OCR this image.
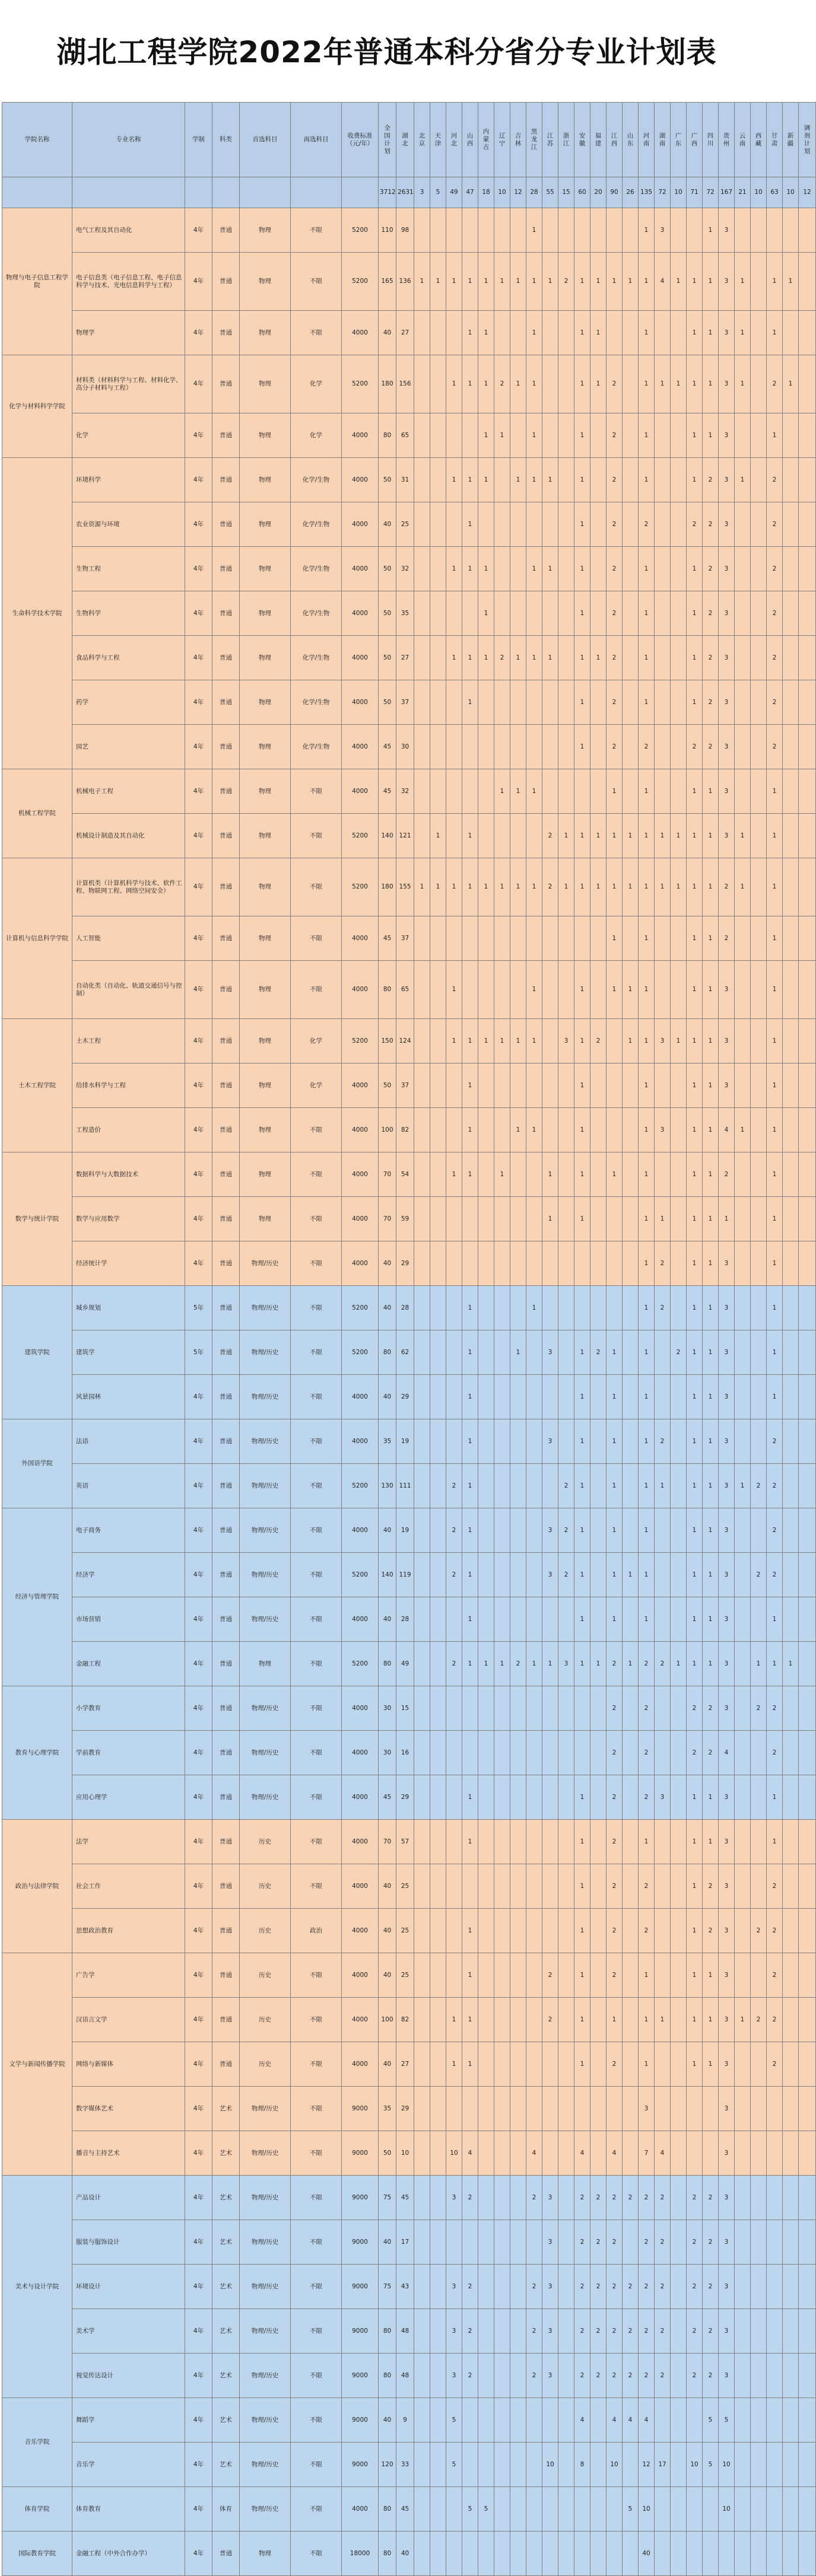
湖北工程学院2022年普通本科分省分专业计划表
学院名称	专业名称	学制	科类	首选科目	再选科目	收费标准（元/年）	全国计划	湖北	北京	天津	河北	山西	内蒙古	辽宁	吉林	黑龙江	江苏	浙江	安徽	福建	江西	山东	河南	湖南	广东	广西	四川	贵州	云南	西藏	甘肃	新疆	调剂计划
							3712	2631	3	5	49	47	18	10	12	28	55	15	60	20	90	26	135	72	10	71	72	167	21	10	63	10	12
物理与电子信息工程学院	电气工程及其自动化	4年	普通	物理	不限	5200	110	98								1							1	3			1	3					
	电子信息类（电子信息工程、电子信息科学与技术、光电信息科学与工程）	4年	普通	物理	不限	5200	165	136	1	1	1	1	1	1	1	1	1	2	1	1	1	1	1	4	1	1	1	3	1		1	1	
	物理学	4年	普通	物理	不限	4000	40	27				1	1			1			1	1			1			1	1	3	1		1		
化学与材料科学学院	材料类（材料科学与工程、材料化学、高分子材料与工程）	4年	普通	物理	化学	5200	180	156			1	1	1	2	1	1			1	1	2		1	1	1	1	1	3	1		2	1	
	化学	4年	普通	物理	化学	4000	80	65					1	1		1			1		2		1			1	1	3			1		
生命科学技术学院	环境科学	4年	普通	物理	化学/生物	4000	50	31			1	1	1		1	1	1		1		2		1			1	2	3	1		2		
	农业资源与环境	4年	普通	物理	化学/生物	4000	40	25				1							1		2		2			2	2	3			2		
	生物工程	4年	普通	物理	化学/生物	4000	50	32			1	1	1			1	1		1		2		1			1	2	3			2		
	生物科学	4年	普通	物理	化学/生物	4000	50	35					1						1		2		1			1	2	3			2		
	食品科学与工程	4年	普通	物理	化学/生物	4000	50	27			1	1	1	2	1	1	1		1	1	2		1			1	2	3			2		
	药学	4年	普通	物理	化学/生物	4000	50	37				1							1		2		1			1	2	3			2		
	园艺	4年	普通	物理	化学/生物	4000	45	30											1		2		2			2	2	3			2		
机械工程学院	机械电子工程	4年	普通	物理	不限	4000	45	32						1	1	1					1		1			1	1	3			1		
	机械设计制造及其自动化	4年	普通	物理	不限	5200	140	121		1		1					2	1	1	1	1	1	1	1	1	1	1	3	1		1		
计算机与信息科学学院	计算机类（计算机科学与技术、软件工程、物联网工程、网络空间安全）	4年	普通	物理	不限	5200	180	155	1	1	1	1	1	1	1	1	2	1	1	1	1	1	1	1	1	1	1	2	1		1		
	人工智能	4年	普通	物理	不限	4000	45	37													1		1			1	1	2			1		
	自动化类（自动化、轨道交通信号与控制）	4年	普通	物理	不限	4000	80	65			1					1			1		1	1	1			1	1	3			1		
土木工程学院	土木工程	4年	普通	物理	化学	5200	150	124			1	1	1	1	1	1		3	1	2		1	1	3	1	1	1	3			1		
	给排水科学与工程	4年	普通	物理	化学	4000	50	37				1							1				1			1	1	3			1		
	工程造价	4年	普通	物理	不限	4000	100	82				1			1	1			1				1	3		1	1	4	1		1		
数学与统计学院	数据科学与大数据技术	4年	普通	物理	不限	4000	70	54			1	1		1			1		1		1		1			1	1	2			1		
	数学与应用数学	4年	普通	物理	不限	4000	70	59									1		1				1	1		1	1	1			1		
	经济统计学	4年	普通	物理/历史	不限	4000	40	29															1	2		1	1	3			1		
建筑学院	城乡规划	5年	普通	物理/历史	不限	5200	40	28				1				1							1	2		1	1	3			1		
	建筑学	5年	普通	物理/历史	不限	5200	80	62				1			1		3		1	2	1		1		2	1	1	3			1		
	风景园林	4年	普通	物理/历史	不限	4000	40	29				1							1		1		1			1	1	3			1		
外国语学院	法语	4年	普通	物理/历史	不限	4000	35	19				1					3		1		1		1	2		1	1	3			2		
	英语	4年	普通	物理/历史	不限	5200	130	111			2	1						2	1		1		1	1		1	1	3	1	2	2		
经济与管理学院	电子商务	4年	普通	物理/历史	不限	4000	40	19			2	1					3	2	1		1		1			1	1	3			2		
	经济学	4年	普通	物理/历史	不限	5200	140	119			2	1					3	2	1		1	1	1			1	1	3		2	2		
	市场营销	4年	普通	物理/历史	不限	4000	40	28				1							1		1		1			1	1	3			1		
	金融工程	4年	普通	物理	不限	5200	80	49			2	1	1	1	2	1	1	3	1	1	2	1	2	2	1	1	1	3		1	1	1	
教育与心理学院	小学教育	4年	普通	物理/历史	不限	4000	30	15													2		2			2	2	3		2	2		
	学前教育	4年	普通	物理/历史	不限	4000	30	16													2		2			2	2	4			2		
	应用心理学	4年	普通	物理/历史	不限	4000	45	29				1							1		2		2	3		1	1	3			1		
政治与法律学院	法学	4年	普通	历史	不限	4000	70	57				1							1		2		1			1	1	3			1		
	社会工作	4年	普通	历史	不限	4000	40	25											1		2		2			1	2	3			2		
	思想政治教育	4年	普通	历史	政治	4000	40	25				1							1		2		2			1	2	3		2	2		
文学与新闻传播学院	广告学	4年	普通	历史	不限	4000	40	25				1					2		1		2		1			1	1	3			2		
	汉语言文学	4年	普通	历史	不限	4000	100	82			1	1					2		1		1		1	1		1	1	3	1	2	2		
	网络与新媒体	4年	普通	历史	不限	4000	40	27			1	1							1		2		1			1	1	3			2		
	数字媒体艺术	4年	艺术	物理/历史	不限	9000	35	29															3					3					
	播音与主持艺术	4年	艺术	物理/历史	不限	9000	50	10			10	4				4			4		4		7	4				3					
美术与设计学院	产品设计	4年	艺术	物理/历史	不限	9000	75	45			3	2				2	3		2	2	2	2	2	2		2	2	3					
	服装与服饰设计	4年	艺术	物理/历史	不限	9000	40	17									3		2	2	2		2	2		2	2	3					
	环境设计	4年	艺术	物理/历史	不限	9000	75	43			3	2				2	3		2	2	2	2	2	2		2	2	3					
	美术学	4年	艺术	物理/历史	不限	9000	80	48			3	2				2	3		2	2	2	2	2	2		2	2	3					
	视觉传达设计	4年	艺术	物理/历史	不限	9000	80	48			3	2				2	3		2	2	2	2	2	2		2	2	3					
音乐学院	舞蹈学	4年	艺术	物理/历史	不限	9000	40	9			5								4		4	4	4				5	5					
	音乐学	4年	艺术	物理/历史	不限	9000	120	33			5						10		8		10		12	17		10	5	10					
体育学院	体育教育	4年	体育	物理/历史	不限	4000	80	45				5	5									5	10					10					
国际教育学院	金融工程（中外合作办学）	4年	普通	物理	不限	18000	80	40															40										
